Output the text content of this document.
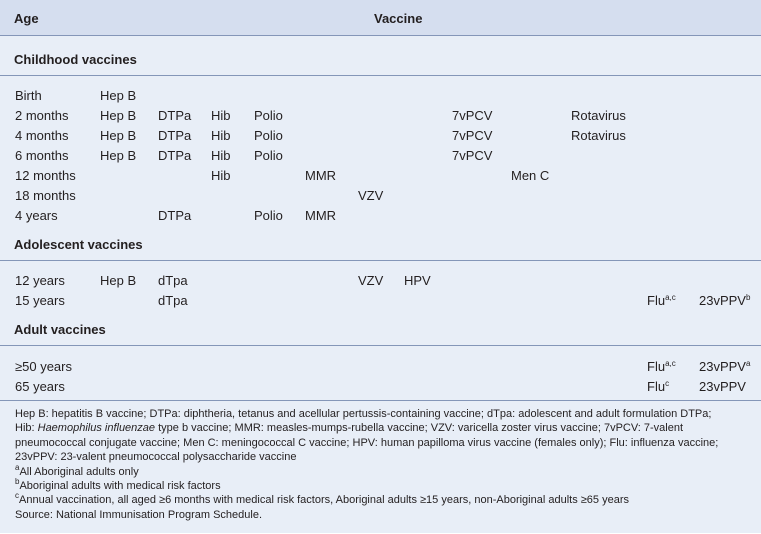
Age	Vaccine
Childhood vaccines
Birth	Hep B
2 months Hep B DTPa Hib Polio	7vPCV	Rotavirus
4 months Hep B DTPa Hib Polio	7vPCV	Rotavirus
6 months Hep B DTPa Hib Polio	7vPCV
12 months	Hib	MMR	Men C
18 months	VZV
4 years	DTPa	Polio MMR
Adolescent vaccines
12 years	Hep B dTpa	VZV HPV
15 years	dTpa	Flu$^{a,c}$ 23vPPV$^b$
Adult vaccines
≥50 years	Flu$^{a,c}$ 23vPPV$^a$
65 years	Flu$^c$ 23vPPV

Hep B: hepatitis B vaccine; DTPa: diphtheria, tetanus and acellular pertussis-containing vaccine; dTpa: adolescent and adult formulation DTPa;

Hib: Haemophilus influenzae type b vaccine; MMR: measles-mumps-rubella vaccine; VZV: varicella zoster virus vaccine; 7vPCV: 7-valent

pneumococcal conjugate vaccine; Men C: meningococcal C vaccine; HPV: human papilloma virus vaccine (females only); Flu: influenza vaccine;

23vPPV: 23-valent pneumococcal polysaccharide vaccine

$^a$All Aboriginal adults only

$^b$Aboriginal adults with medical risk factors

$^c$Annual vaccination, all aged ≥6 months with medical risk factors, Aboriginal adults ≥15 years, non-Aboriginal adults ≥65 years

Source: National Immunisation Program Schedule.
